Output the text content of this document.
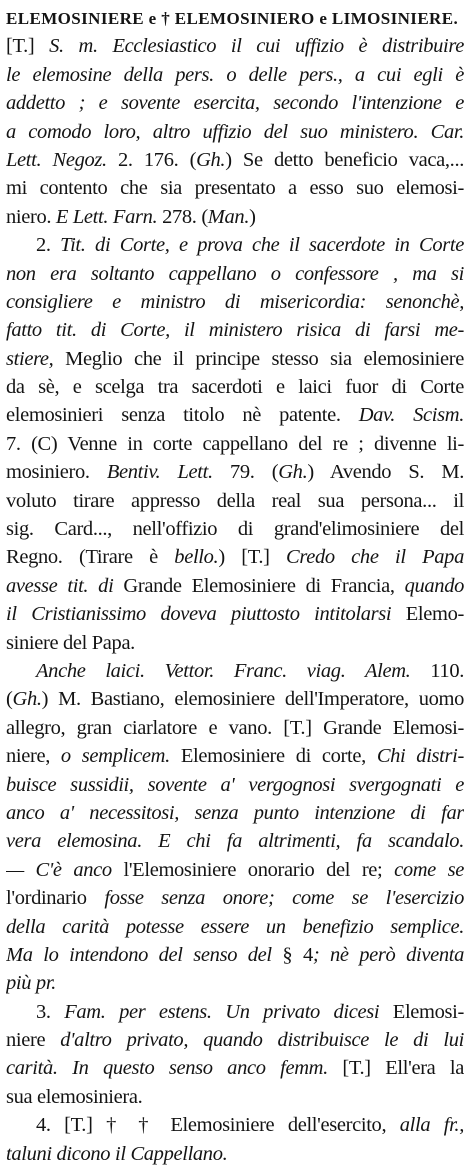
ELEMOSINIERE e † ELEMOSINIERO e LIMOSINIERE.
[T.] S. m. Ecclesiastico il cui uffizio è distribuire
le elemosine della pers. o delle pers., a cui egli è
addetto ; e sovente esercita, secondo l'intenzione e
a comodo loro, altro uffizio del suo ministero. Car.
Lett. Negoz. 2. 176. (Gh.) Se detto beneficio vaca,...
mi contento che sia presentato a esso suo elemosi-
niero. E Lett. Farn. 278. (Man.)
2. Tit. di Corte, e prova che il sacerdote in Corte
non era soltanto cappellano o confessore , ma si
consigliere e ministro di misericordia: senonchè,
fatto tit. di Corte, il ministero risica di farsi me-
stiere, Meglio che il principe stesso sia elemosiniere
da sè, e scelga tra sacerdoti e laici fuor di Corte
elemosinieri senza titolo nè patente. Dav. Scism.
7. (C) Venne in corte cappellano del re ; divenne li-
mosiniero. Bentiv. Lett. 79. (Gh.) Avendo S. M.
voluto tirare appresso della real sua persona... il
sig. Card..., nell'offizio di grand'elimosiniere del
Regno. (Tirare è bello.) [T.] Credo che il Papa
avesse tit. di Grande Elemosiniere di Francia, quando
il Cristianissimo doveva piuttosto intitolarsi Elemo-
siniere del Papa.
Anche laici. Vettor. Franc. viag. Alem. 110.
(Gh.) M. Bastiano, elemosiniere dell'Imperatore, uomo
allegro, gran ciarlatore e vano. [T.] Grande Elemosi-
niere, o semplicem. Elemosiniere di corte, Chi distri-
buisce sussidii, sovente a' vergognosi svergognati e
anco a' necessitosi, senza punto intenzione di far
vera elemosina. E chi fa altrimenti, fa scandalo.
— C'è anco l'Elemosiniere onorario del re; come se
l'ordinario fosse senza onore; come se l'esercizio
della carità potesse essere un benefizio semplice.
Ma lo intendono del senso del § 4; nè però diventa
più pr.
3. Fam. per estens. Un privato dicesi Elemosi-
niere d'altro privato, quando distribuisce le di lui
carità. In questo senso anco femm. [T.] Ell'era la
sua elemosiniera.
4. [T.] † † Elemosiniere dell'esercito, alla fr.,
taluni dicono il Cappellano.
